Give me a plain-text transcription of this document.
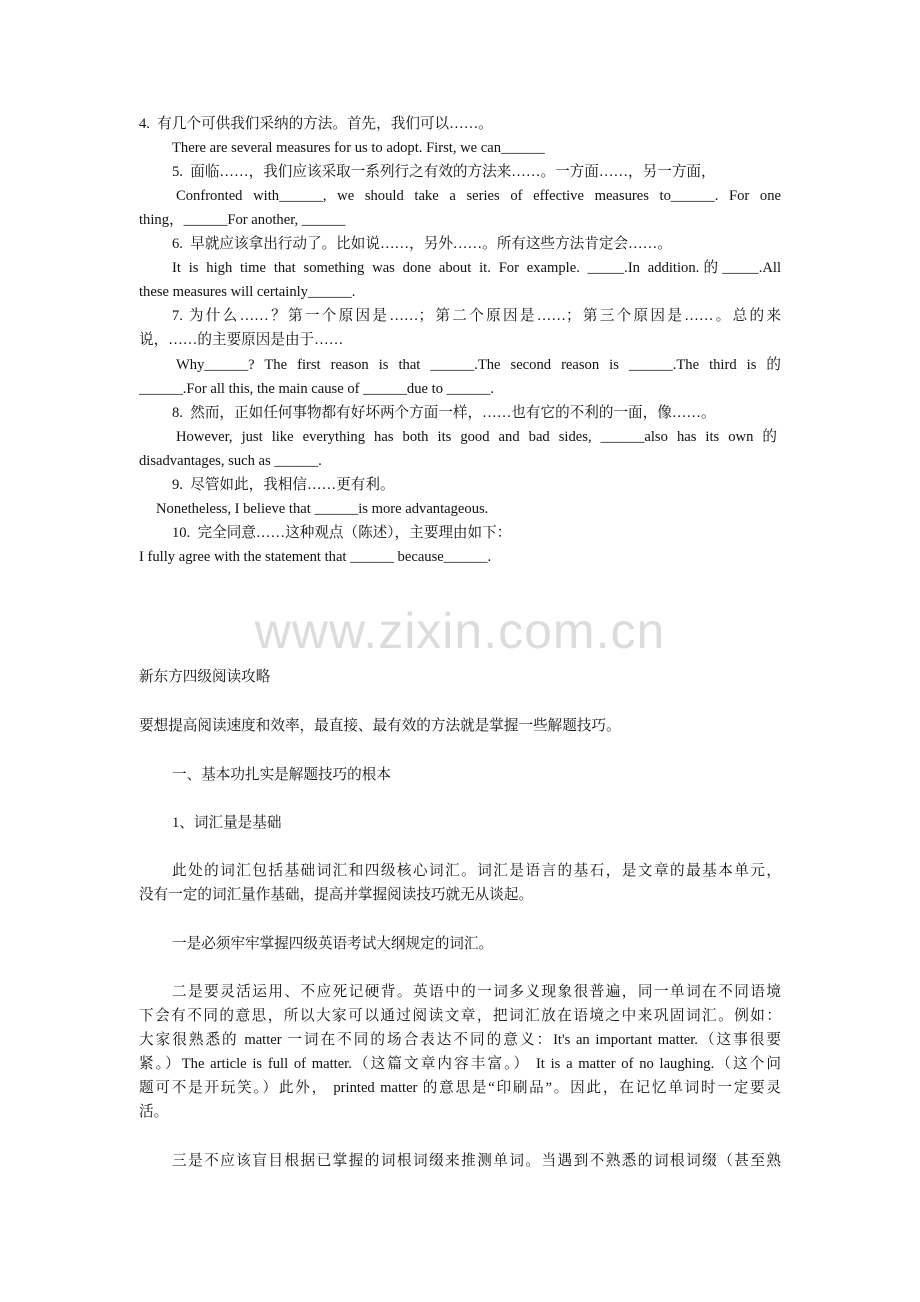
4.  有几个可供我们采纳的方法。首先，我们可以……。
There are several measures for us to adopt. First, we can______
5.  面临……，我们应该采取一系列行之有效的方法来……。一方面……，另一方面，
Confronted with______, we should take a series of effective measures to______. For one
thing，______For another, ______
6.  早就应该拿出行动了。比如说……，另外……。所有这些方法肯定会……。
It is high time that something was done about it. For example. _____.In addition.的_____.All
these measures will certainly______.
7. 为什么……？第一个原因是……；第二个原因是……；第三个原因是……。总的来
说，……的主要原因是由于……
Why______? The first reason is that ______.The second reason is ______.The third is 的
______.For all this, the main cause of ______due to ______.
8.  然而，正如任何事物都有好坏两个方面一样，……也有它的不利的一面，像……。
However, just like everything has both its good and bad sides, ______also has its own 的
disadvantages, such as ______.
9.  尽管如此，我相信……更有利。
Nonetheless, I believe that ______is more advantageous.
10.  完全同意……这种观点（陈述），主要理由如下：
I fully agree with the statement that ______ because______.
www.zixin.com.cn
新东方四级阅读攻略
要想提高阅读速度和效率，最直接、最有效的方法就是掌握一些解题技巧。
一、基本功扎实是解题技巧的根本
1、词汇量是基础
此处的词汇包括基础词汇和四级核心词汇。词汇是语言的基石，是文章的最基本单元，
没有一定的词汇量作基础，提高并掌握阅读技巧就无从谈起。
一是必须牢牢掌握四级英语考试大纲规定的词汇。
二是要灵活运用、不应死记硬背。英语中的一词多义现象很普遍，同一单词在不同语境
下会有不同的意思，所以大家可以通过阅读文章，把词汇放在语境之中来巩固词汇。例如：
大家很熟悉的 matter 一词在不同的场合表达不同的意义：It's an important matter.（这事很要
紧。）The article is full of matter.（这篇文章内容丰富。） It is a matter of no laughing.（这个问
题可不是开玩笑。）此外， printed matter 的意思是“印刷品”。因此，在记忆单词时一定要灵
活。
三是不应该盲目根据已掌握的词根词缀来推测单词。当遇到不熟悉的词根词缀（甚至熟
